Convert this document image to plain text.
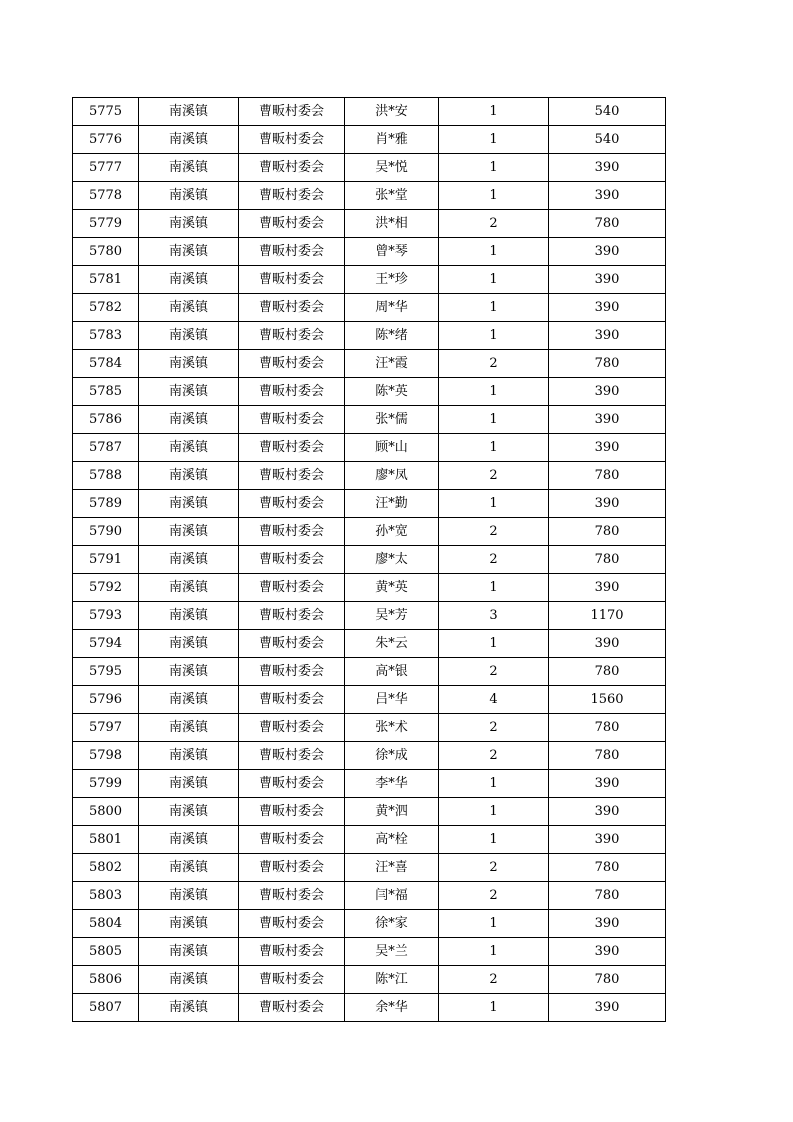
5775	南溪镇	曹畈村委会	洪*安	1	540
5776	南溪镇	曹畈村委会	肖*雅	1	540
5777	南溪镇	曹畈村委会	吴*悦	1	390
5778	南溪镇	曹畈村委会	张*堂	1	390
5779	南溪镇	曹畈村委会	洪*相	2	780
5780	南溪镇	曹畈村委会	曾*琴	1	390
5781	南溪镇	曹畈村委会	王*珍	1	390
5782	南溪镇	曹畈村委会	周*华	1	390
5783	南溪镇	曹畈村委会	陈*绪	1	390
5784	南溪镇	曹畈村委会	汪*霞	2	780
5785	南溪镇	曹畈村委会	陈*英	1	390
5786	南溪镇	曹畈村委会	张*儒	1	390
5787	南溪镇	曹畈村委会	顾*山	1	390
5788	南溪镇	曹畈村委会	廖*凤	2	780
5789	南溪镇	曹畈村委会	汪*勤	1	390
5790	南溪镇	曹畈村委会	孙*宽	2	780
5791	南溪镇	曹畈村委会	廖*太	2	780
5792	南溪镇	曹畈村委会	黄*英	1	390
5793	南溪镇	曹畈村委会	吴*芳	3	1170
5794	南溪镇	曹畈村委会	朱*云	1	390
5795	南溪镇	曹畈村委会	高*银	2	780
5796	南溪镇	曹畈村委会	吕*华	4	1560
5797	南溪镇	曹畈村委会	张*术	2	780
5798	南溪镇	曹畈村委会	徐*成	2	780
5799	南溪镇	曹畈村委会	李*华	1	390
5800	南溪镇	曹畈村委会	黄*泗	1	390
5801	南溪镇	曹畈村委会	高*栓	1	390
5802	南溪镇	曹畈村委会	汪*喜	2	780
5803	南溪镇	曹畈村委会	闫*福	2	780
5804	南溪镇	曹畈村委会	徐*家	1	390
5805	南溪镇	曹畈村委会	吴*兰	1	390
5806	南溪镇	曹畈村委会	陈*江	2	780
5807	南溪镇	曹畈村委会	余*华	1	390
